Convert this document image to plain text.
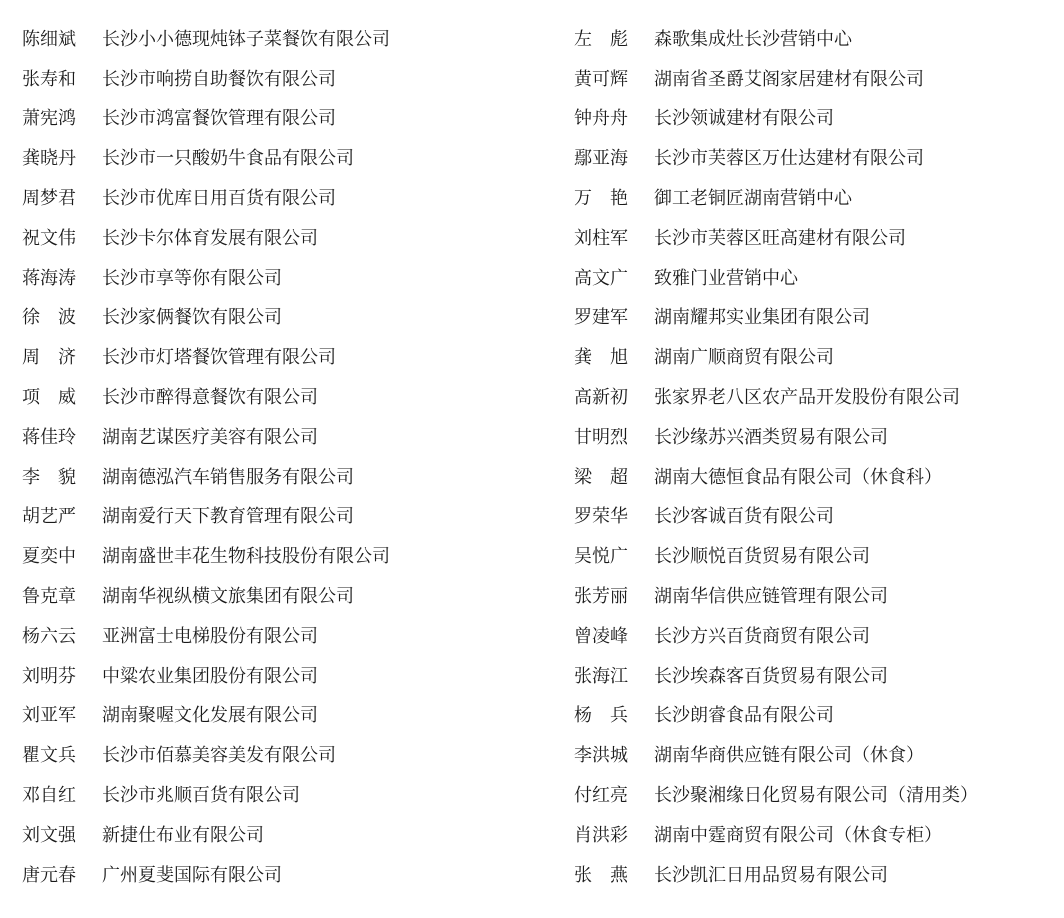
陈细斌	长沙小小德现炖钵子菜餐饮有限公司
张寿和	长沙市响捞自助餐饮有限公司
萧宪鸿	长沙市鸿富餐饮管理有限公司
龚晓丹	长沙市一只酸奶牛食品有限公司
周梦君	长沙市优库日用百货有限公司
祝文伟	长沙卡尔体育发展有限公司
蒋海涛	长沙市享等你有限公司
徐　波	长沙家俩餐饮有限公司
周　济	长沙市灯塔餐饮管理有限公司
项　威	长沙市醉得意餐饮有限公司
蒋佳玲	湖南艺谋医疗美容有限公司
李　貌	湖南德泓汽车销售服务有限公司
胡艺严	湖南爱行天下教育管理有限公司
夏奕中	湖南盛世丰花生物科技股份有限公司
鲁克章	湖南华视纵横文旅集团有限公司
杨六云	亚洲富士电梯股份有限公司
刘明芬	中粱农业集团股份有限公司
刘亚军	湖南聚喔文化发展有限公司
瞿文兵	长沙市佰慕美容美发有限公司
邓自红	长沙市兆顺百货有限公司
刘文强	新捷仕布业有限公司
唐元春	广州夏斐国际有限公司
左　彪	森歌集成灶长沙营销中心
黄可辉	湖南省圣爵艾阁家居建材有限公司
钟舟舟	长沙领诚建材有限公司
鄢亚海	长沙市芙蓉区万仕达建材有限公司
万　艳	御工老铜匠湖南营销中心
刘柱军	长沙市芙蓉区旺高建材有限公司
高文广	致雅门业营销中心
罗建军	湖南耀邦实业集团有限公司
龚　旭	湖南广顺商贸有限公司
高新初	张家界老八区农产品开发股份有限公司
甘明烈	长沙缘苏兴酒类贸易有限公司
梁　超	湖南大德恒食品有限公司（休食科）
罗荣华	长沙客诚百货有限公司
吴悦广	长沙顺悦百货贸易有限公司
张芳丽	湖南华信供应链管理有限公司
曾凌峰	长沙方兴百货商贸有限公司
张海江	长沙埃森客百货贸易有限公司
杨　兵	长沙朗睿食品有限公司
李洪城	湖南华商供应链有限公司（休食）
付红亮	长沙聚湘缘日化贸易有限公司（清用类）
肖洪彩	湖南中霆商贸有限公司（休食专柜）
张　燕	长沙凯汇日用品贸易有限公司
